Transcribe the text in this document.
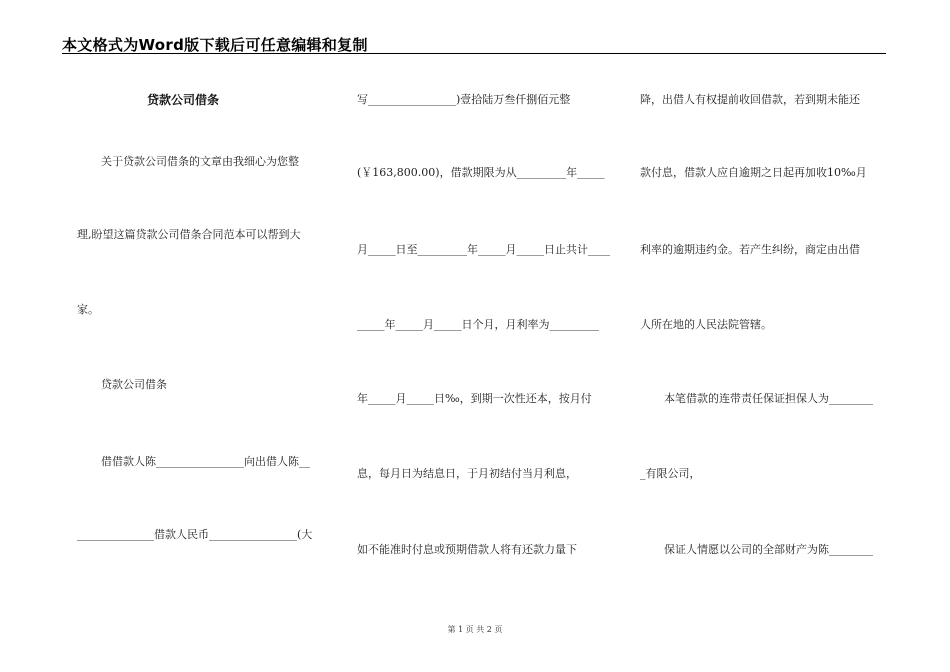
本文格式为Word版下载后可任意编辑和复制
贷款公司借条
关于贷款公司借条的文章由我细心为您整
理,盼望这篇贷款公司借条合同范本可以帮到大
家。
贷款公司借条
借借款人陈________________向出借人陈__
______________借款人民币________________(大
写________________)壹拾陆万叁仟捌佰元整
(￥163,800.00)，借款期限为从_________年_____
月_____日至_________年_____月_____日止共计____
_____年_____月_____日个月，月利率为_________
年_____月_____日‰，到期一次性还本，按月付
息，每月日为结息日，于月初结付当月利息，
如不能准时付息或预期借款人将有还款力量下
降，出借人有权提前收回借款，若到期未能还
款付息，借款人应自逾期之日起再加收10‰月
利率的逾期违约金。若产生纠纷，商定由出借
人所在地的人民法院管辖。
本笔借款的连带责任保证担保人为________
_有限公司，
保证人情愿以公司的全部财产为陈________
第 1 页 共 2 页
